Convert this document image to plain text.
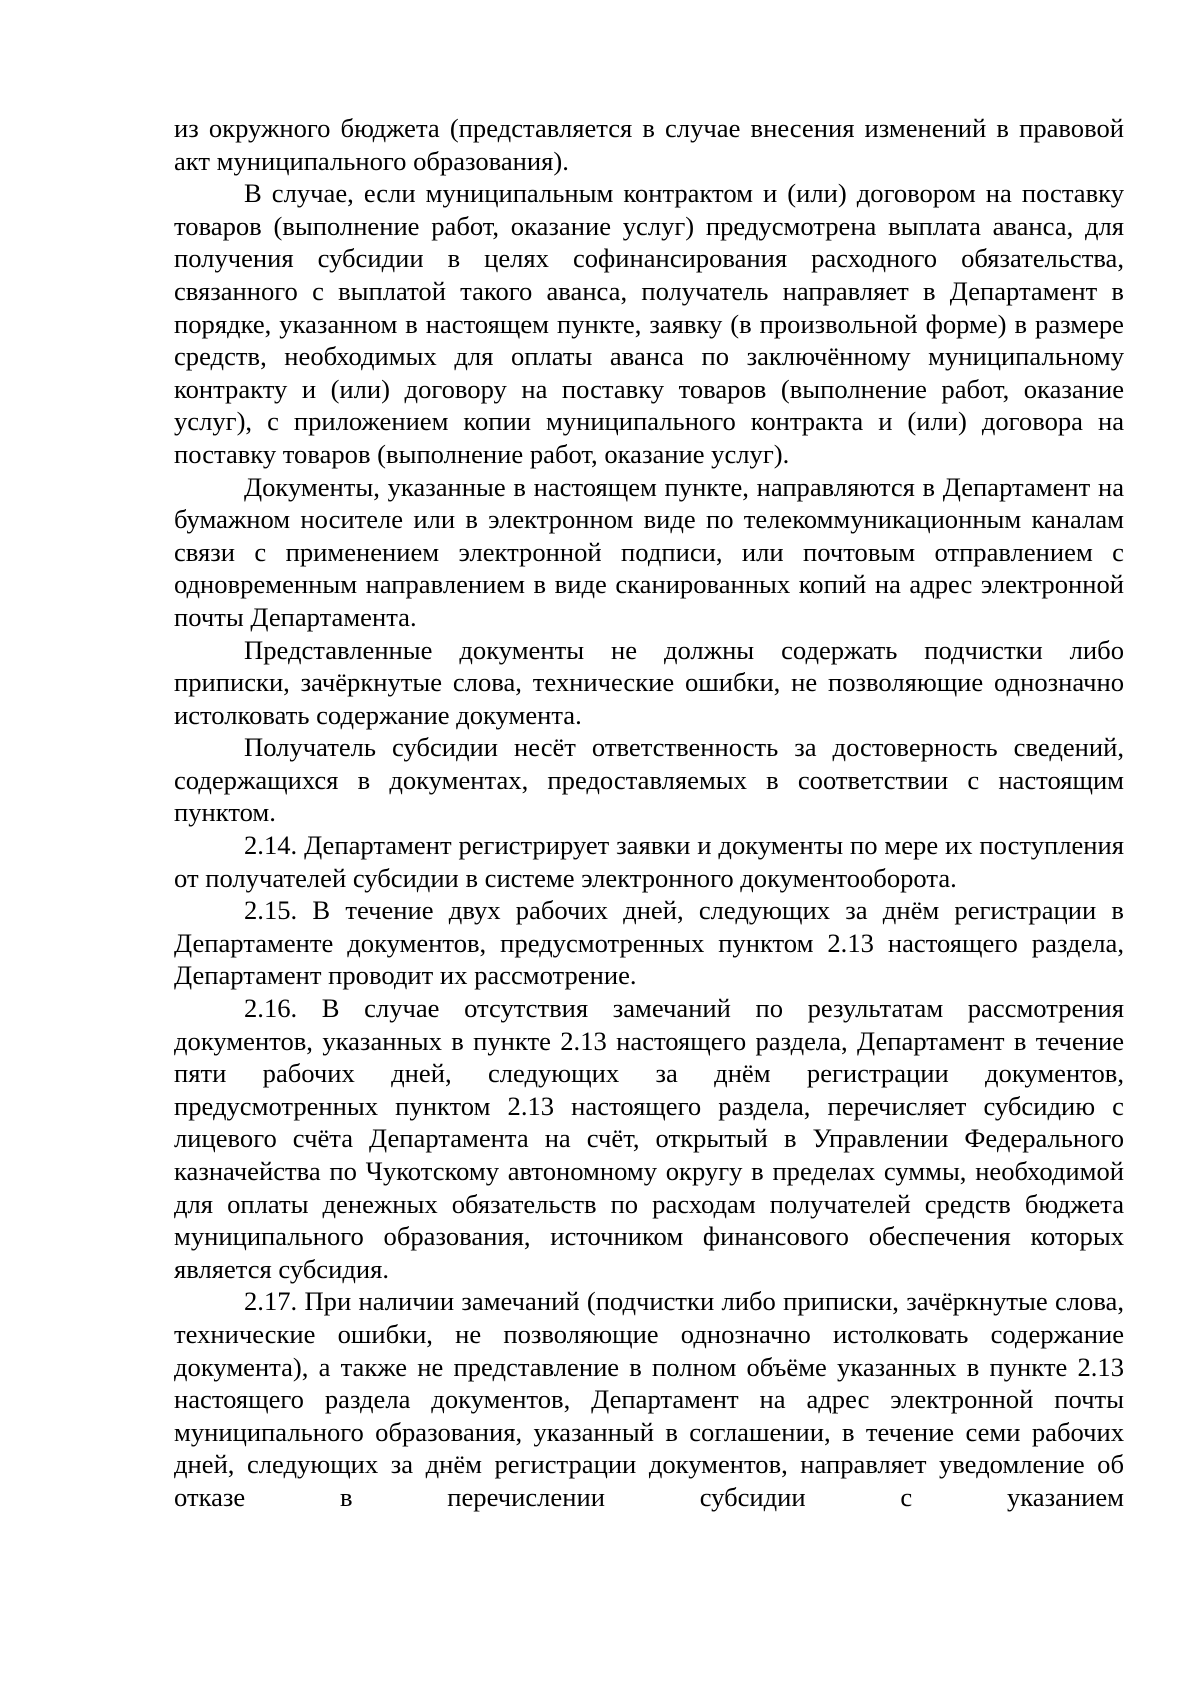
из окружного бюджета (представляется в случае внесения изменений в правовой акт муниципального образования).

В случае, если муниципальным контрактом и (или) договором на поставку товаров (выполнение работ, оказание услуг) предусмотрена выплата аванса, для получения субсидии в целях софинансирования расходного обязательства, связанного с выплатой такого аванса, получатель направляет в Департамент в порядке, указанном в настоящем пункте, заявку (в произвольной форме) в размере средств, необходимых для оплаты аванса по заключённому муниципальному контракту и (или) договору на поставку товаров (выполнение работ, оказание услуг), с приложением копии муниципального контракта и (или) договора на поставку товаров (выполнение работ, оказание услуг).

Документы, указанные в настоящем пункте, направляются в Департамент на бумажном носителе или в электронном виде по телекоммуникационным каналам связи с применением электронной подписи, или почтовым отправлением с одновременным направлением в виде сканированных копий на адрес электронной почты Департамента.

Представленные документы не должны содержать подчистки либо приписки, зачёркнутые слова, технические ошибки, не позволяющие однозначно истолковать содержание документа.

Получатель субсидии несёт ответственность за достоверность сведений, содержащихся в документах, предоставляемых в соответствии с настоящим пунктом.

2.14. Департамент регистрирует заявки и документы по мере их поступления от получателей субсидии в системе электронного документооборота.

2.15. В течение двух рабочих дней, следующих за днём регистрации в Департаменте документов, предусмотренных пунктом 2.13 настоящего раздела, Департамент проводит их рассмотрение.

2.16. В случае отсутствия замечаний по результатам рассмотрения документов, указанных в пункте 2.13 настоящего раздела, Департамент в течение пяти рабочих дней, следующих за днём регистрации документов, предусмотренных пунктом 2.13 настоящего раздела, перечисляет субсидию с лицевого счёта Департамента на счёт, открытый в Управлении Федерального казначейства по Чукотскому автономному округу в пределах суммы, необходимой для оплаты денежных обязательств по расходам получателей средств бюджета муниципального образования, источником финансового обеспечения которых является субсидия.

2.17. При наличии замечаний (подчистки либо приписки, зачёркнутые слова, технические ошибки, не позволяющие однозначно истолковать содержание документа), а также не представление в полном объёме указанных в пункте 2.13 настоящего раздела документов, Департамент на адрес электронной почты муниципального образования, указанный в соглашении, в течение семи рабочих дней, следующих за днём регистрации документов, направляет уведомление об отказе в перечислении субсидии с указанием
